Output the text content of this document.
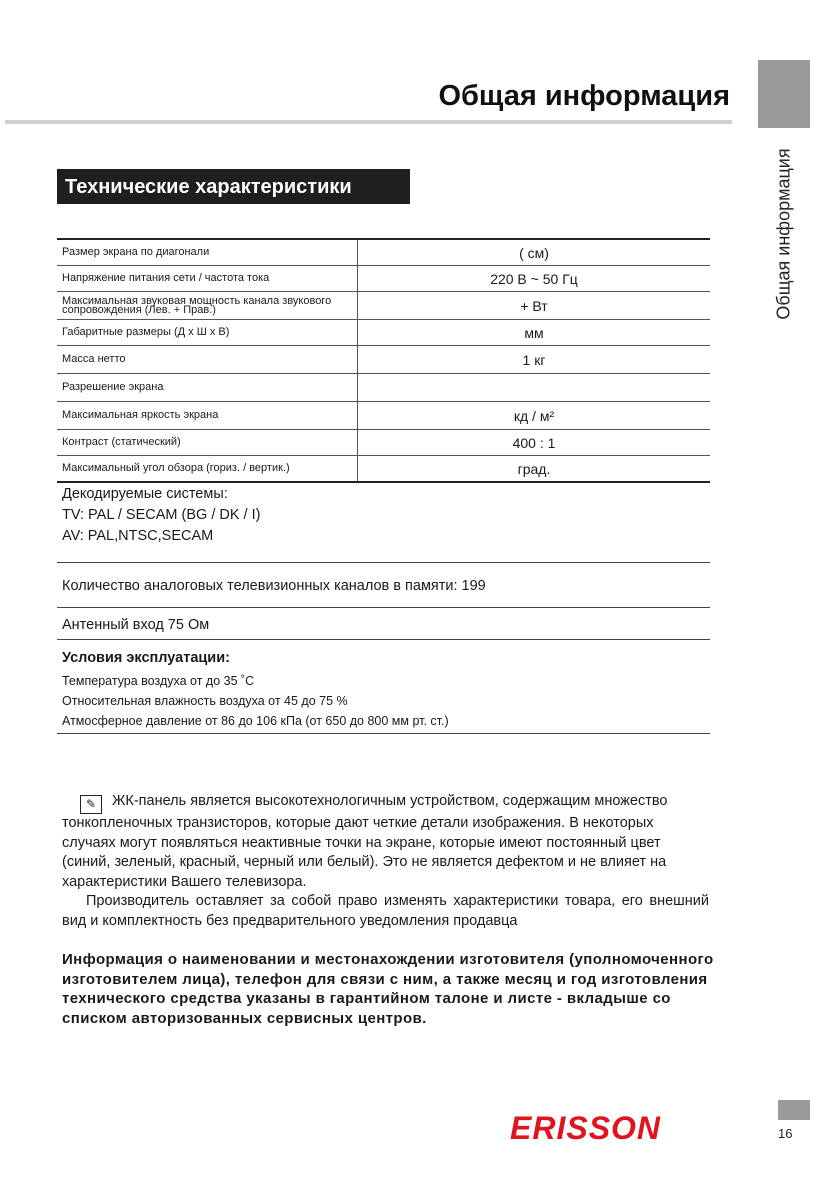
Общая информация
Общая информация
Технические характеристики
Размер экрана по диагонали	( см)
Напряжение питания сети / частота тока	220 В ~ 50 Гц
Максимальная звуковая мощность канала звукового сопровождения (Лев. + Прав.)	+ Вт
Габаритные размеры (Д x Ш x В)	мм
Масса нетто	1 кг
Разрешение экрана	
Максимальная яркость экрана	кд / м²
Контраст (статический)	400 : 1
Максимальный угол обзора (гориз. / вертик.)	град.
Декодируемые системы:
TV: PAL / SECAM (BG / DK / I)
AV: PAL,NTSC,SECAM
Количество аналоговых телевизионных каналов в памяти: 199
Антенный вход 75 Ом
Условия эксплуатации:
Температура воздуха от до 35 ˚С
Относительная влажность воздуха от 45 до 75 %
Атмосферное давление от 86 до 106 кПа (от 650 до 800 мм рт. ст.)
✎ ЖК-панель является высокотехнологичным устройством, содержащим множество тонкопленочных транзисторов, которые дают четкие детали изображения. В некоторых случаях могут появляться неактивные точки на экране, которые имеют постоянный цвет (синий, зеленый, красный, черный или белый). Это не является дефектом и не влияет на характеристики Вашего телевизора.
Производитель оставляет за собой право изменять характеристики товара, его внешний вид и комплектность без предварительного уведомления продавца
Информация о наименовании и местонахождении изготовителя (уполномоченного изготовителем лица), телефон для связи с ним, а также месяц и год изготовления технического средства указаны в гарантийном талоне и листе - вкладыше со списком авторизованных сервисных центров.
ERISSON	16
